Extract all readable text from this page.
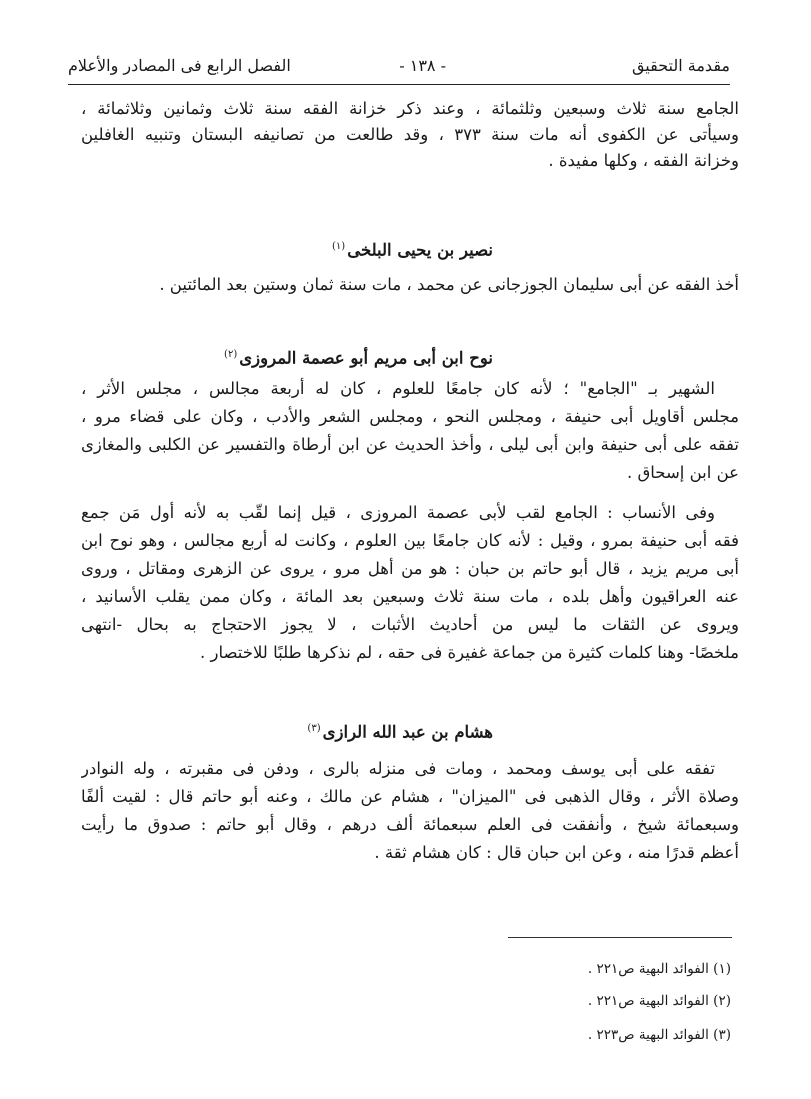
مقدمة التحقيق
- ١٣٨ -
الفصل الرابع فى المصادر والأعلام
الجامع سنة ثلاث وسبعين وثلثمائة ، وعند ذكر خزانة الفقه سنة ثلاث وثمانين وثلاثمائة ،
وسيأتى عن الكفوى أنه مات سنة ٣٧٣ ، وقد طالعت من تصانيفه البستان وتنبيه الغافلين
وخزانة الفقه ، وكلها مفيدة .
نصير بن يحيى البلخى$^{(١)}$
أخذ الفقه عن أبى سليمان الجوزجانى عن محمد ، مات سنة ثمان وستين بعد المائتين .
نوح ابن أبى مريم أبو عصمة المروزى$^{(٢)}$
الشهير بـ "الجامع" ؛ لأنه كان جامعًا للعلوم ، كان له أربعة مجالس ، مجلس الأثر ،
مجلس أقاويل أبى حنيفة ، ومجلس النحو ، ومجلس الشعر والأدب ، وكان على قضاء مرو ،
تفقه على أبى حنيفة وابن أبى ليلى ، وأخذ الحديث عن ابن أرطاة والتفسير عن الكلبى والمغازى
عن ابن إسحاق .
وفى الأنساب : الجامع لقب لأبى عصمة المروزى ، قيل إنما لقّب به لأنه أول مَن جمع
فقه أبى حنيفة بمرو ، وقيل : لأنه كان جامعًا بين العلوم ، وكانت له أربع مجالس ، وهو نوح ابن
أبى مريم يزيد ، قال أبو حاتم بن حبان : هو من أهل مرو ، يروى عن الزهرى ومقاتل ، وروى
عنه العراقيون وأهل بلده ، مات سنة ثلاث وسبعين بعد المائة ، وكان ممن يقلب الأسانيد ،
ويروى عن الثقات ما ليس من أحاديث الأثبات ، لا يجوز الاحتجاج به بحال -انتهى
ملخصًا- وهنا كلمات كثيرة من جماعة غفيرة فى حقه ، لم نذكرها طلبًا للاختصار .
هشام بن عبد الله الرازى$^{(٣)}$
تفقه على أبى يوسف ومحمد ، ومات فى منزله بالرى ، ودفن فى مقبرته ، وله النوادر
وصلاة الأثر ، وقال الذهبى فى "الميزان" ، هشام عن مالك ، وعنه أبو حاتم قال : لقيت ألفًا
وسبعمائة شيخ ، وأنفقت فى العلم سبعمائة ألف درهم ، وقال أبو حاتم : صدوق ما رأيت
أعظم قدرًا منه ، وعن ابن حبان قال : كان هشام ثقة .
(١) الفوائد البهية ص٢٢١ .
(٢) الفوائد البهية ص٢٢١ .
(٣) الفوائد البهية ص٢٢٣ .
